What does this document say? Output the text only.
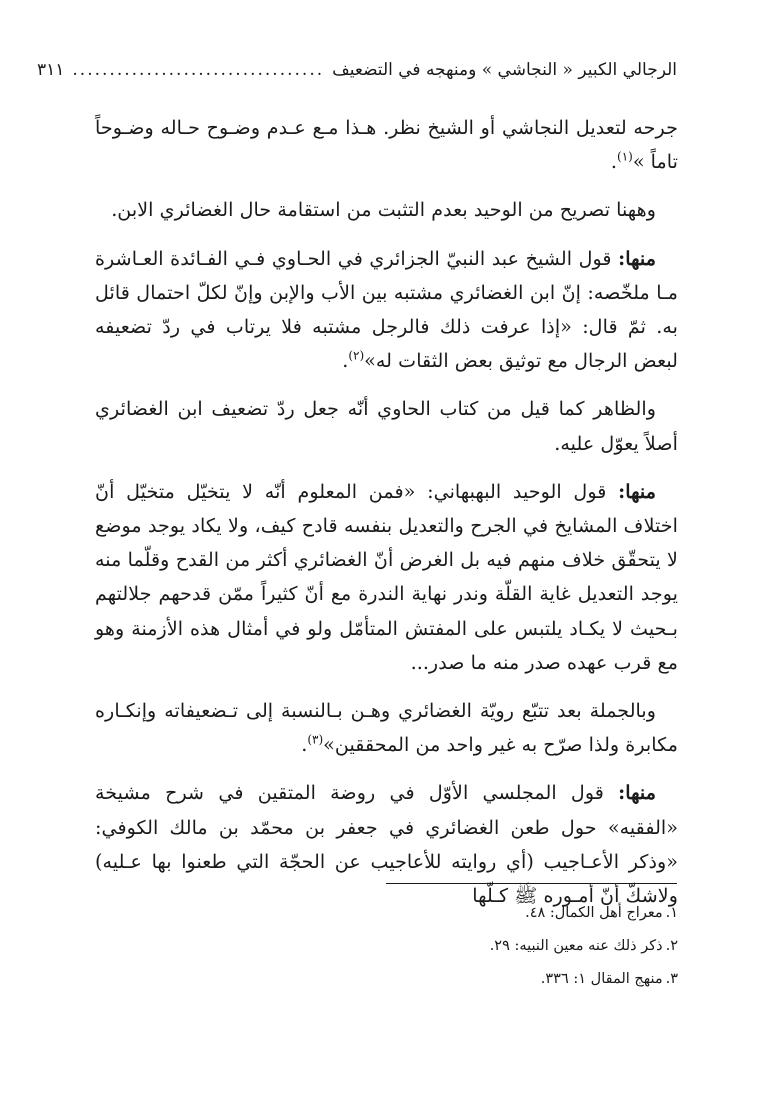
الرجالي الكبير « النجاشي » ومنهجه في التضعيف
..................................
٣١١

جرحه لتعديل النجاشي أو الشيخ نظر. هـذا مـع عـدم وضـوح حـاله وضـوحاً تاماً »$^{(١)}$.

وههنا تصريح من الوحيد بعدم التثبت من استقامة حال الغضائري الابن.

منها: قول الشيخ عبد النبيّ الجزائري في الحـاوي فـي الفـائدة العـاشرة مـا ملخّصه: إنّ ابن الغضائري مشتبه بين الأب والإبن وإنّ لكلّ احتمال قائل به. ثمّ قال: «إذا عرفت ذلك فالرجل مشتبه فلا يرتاب في ردّ تضعيفه لبعض الرجال مع توثيق بعض الثقات له»$^{(٢)}$.

والظاهر كما قيل من كتاب الحاوي أنّه جعل ردّ تضعيف ابن الغضائري أصلاً يعوّل عليه.

منها: قول الوحيد البهبهاني: «فمن المعلوم أنّه لا يتخيّل متخيّل أنّ اختلاف المشايخ في الجرح والتعديل بنفسه قادح كيف، ولا يكاد يوجد موضع لا يتحقّق خلاف منهم فيه بل الغرض أنّ الغضائري أكثر من القدح وقلّما منه يوجد التعديل غاية القلّة وندر نهاية الندرة مع أنّ كثيراً ممّن قدحهم جلالتهم بـحيث لا يكـاد يلتبس على المفتش المتأمّل ولو في أمثال هذه الأزمنة وهو مع قرب عهده صدر منه ما صدر...

وبالجملة بعد تتبّع رويّة الغضائري وهـن بـالنسبة إلى تـضعيفاته وإنكـاره مكابرة ولذا صرّح به غير واحد من المحققين»$^{(٣)}$.

منها: قول المجلسي الأوّل في روضة المتقين في شرح مشيخة «الفقيه» حول طعن الغضائري في جعفر بن محمّد بن مالك الكوفي: «وذكر الأعـاجيب (أي روايته للأعاجيب عن الحجّة التي طعنوا بها عـليه) ولاشكّ أنّ أمـوره ﷺ كـلّها

١.معراج أهل الكمال: ٤٨.
٢.ذكر ذلك عنه معين النبيه: ٢٩.
٣.منهج المقال ١: ٣٣٦.
